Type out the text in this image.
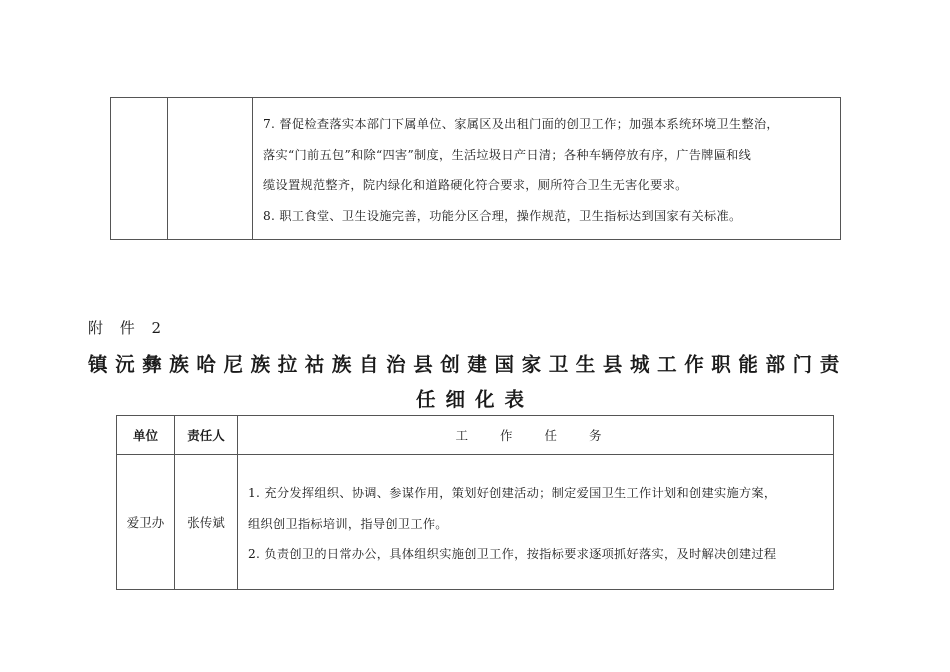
7. 督促检查落实本部门下属单位、家属区及出租门面的创卫工作；加强本系统环境卫生整治，

落实“门前五包”和除“四害”制度，生活垃圾日产日清；各种车辆停放有序，广告牌匾和线

缆设置规范整齐，院内绿化和道路硬化符合要求，厕所符合卫生无害化要求。

8. 职工食堂、卫生设施完善，功能分区合理，操作规范，卫生指标达到国家有关标准。

附 件 2
镇沅彝族哈尼族拉祜族自治县创建国家卫生县城工作职能部门责
任细化表
单位	责任人	工 作 任 务
爱卫办	张传斌	1. 充分发挥组织、协调、参谋作用，策划好创建活动；制定爱国卫生工作计划和创建实施方案，

组织创卫指标培训，指导创卫工作。

2. 负责创卫的日常办公，具体组织实施创卫工作，按指标要求逐项抓好落实，及时解决创建过程
